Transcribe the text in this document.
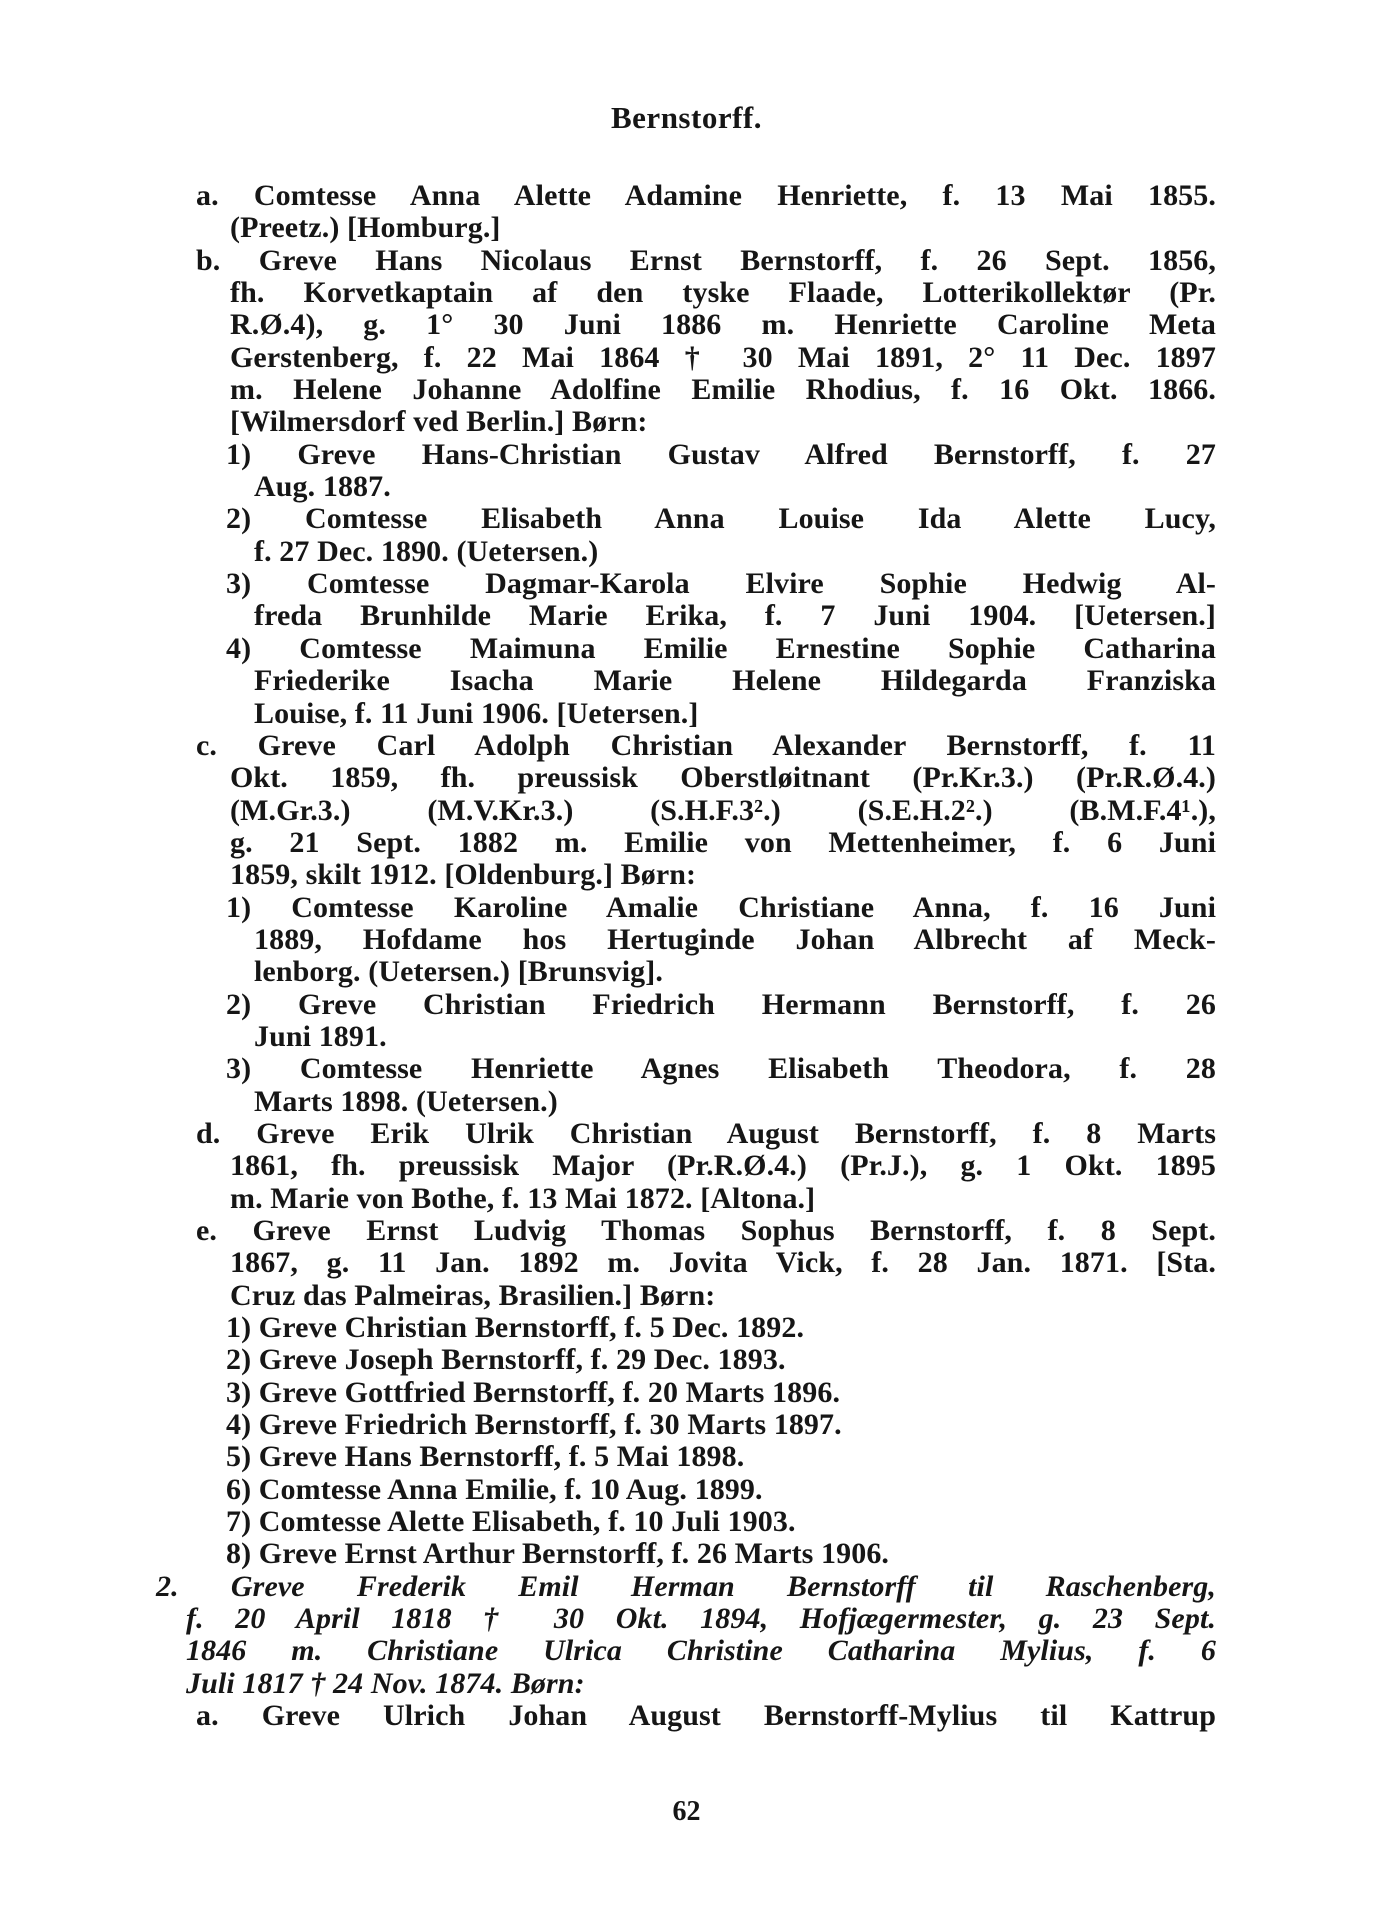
Bernstorff.
a. Comtesse Anna Alette Adamine Henriette, f. 13 Mai 1855.
(Preetz.) [Homburg.]
b. Greve Hans Nicolaus Ernst Bernstorff, f. 26 Sept. 1856,
fh. Korvetkaptain af den tyske Flaade, Lotterikollektør (Pr.
R.Ø.4), g. 1° 30 Juni 1886 m. Henriette Caroline Meta
Gerstenberg, f. 22 Mai 1864 † 30 Mai 1891, 2° 11 Dec. 1897
m. Helene Johanne Adolfine Emilie Rhodius, f. 16 Okt. 1866.
[Wilmersdorf ved Berlin.] Børn:
1) Greve Hans-Christian Gustav Alfred Bernstorff, f. 27
Aug. 1887.
2) Comtesse Elisabeth Anna Louise Ida Alette Lucy,
f. 27 Dec. 1890. (Uetersen.)
3) Comtesse Dagmar-Karola Elvire Sophie Hedwig Al-
freda Brunhilde Marie Erika, f. 7 Juni 1904. [Uetersen.]
4) Comtesse Maimuna Emilie Ernestine Sophie Catharina
Friederike Isacha Marie Helene Hildegarda Franziska
Louise, f. 11 Juni 1906. [Uetersen.]
c. Greve Carl Adolph Christian Alexander Bernstorff, f. 11
Okt. 1859, fh. preussisk Oberstløitnant (Pr.Kr.3.) (Pr.R.Ø.4.)
(M.Gr.3.) (M.V.Kr.3.) (S.H.F.3².) (S.E.H.2².) (B.M.F.4¹.),
g. 21 Sept. 1882 m. Emilie von Mettenheimer, f. 6 Juni
1859, skilt 1912. [Oldenburg.] Børn:
1) Comtesse Karoline Amalie Christiane Anna, f. 16 Juni
1889, Hofdame hos Hertuginde Johan Albrecht af Meck-
lenborg. (Uetersen.) [Brunsvig].
2) Greve Christian Friedrich Hermann Bernstorff, f. 26
Juni 1891.
3) Comtesse Henriette Agnes Elisabeth Theodora, f. 28
Marts 1898. (Uetersen.)
d. Greve Erik Ulrik Christian August Bernstorff, f. 8 Marts
1861, fh. preussisk Major (Pr.R.Ø.4.) (Pr.J.), g. 1 Okt. 1895
m. Marie von Bothe, f. 13 Mai 1872. [Altona.]
e. Greve Ernst Ludvig Thomas Sophus Bernstorff, f. 8 Sept.
1867, g. 11 Jan. 1892 m. Jovita Vick, f. 28 Jan. 1871. [Sta.
Cruz das Palmeiras, Brasilien.] Børn:
1) Greve Christian Bernstorff, f. 5 Dec. 1892.
2) Greve Joseph Bernstorff, f. 29 Dec. 1893.
3) Greve Gottfried Bernstorff, f. 20 Marts 1896.
4) Greve Friedrich Bernstorff, f. 30 Marts 1897.
5) Greve Hans Bernstorff, f. 5 Mai 1898.
6) Comtesse Anna Emilie, f. 10 Aug. 1899.
7) Comtesse Alette Elisabeth, f. 10 Juli 1903.
8) Greve Ernst Arthur Bernstorff, f. 26 Marts 1906.
2. Greve Frederik Emil Herman Bernstorff til Raschenberg,
f. 20 April 1818 † 30 Okt. 1894, Hofjægermester, g. 23 Sept.
1846 m. Christiane Ulrica Christine Catharina Mylius, f. 6
Juli 1817 † 24 Nov. 1874. Børn:
a. Greve Ulrich Johan August Bernstorff-Mylius til Kattrup
62
